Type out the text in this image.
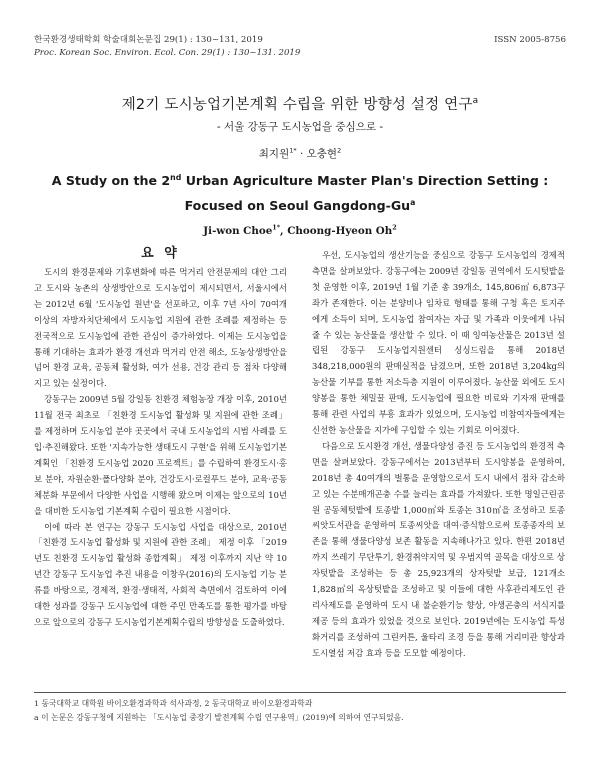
한국환경생태학회 학술대회논문집 29(1) : 130~131, 2019	ISSN 2005-8756
Proc. Korean Soc. Environ. Ecol. Con. 29(1) : 130~131. 2019
제2기 도시농업기본계획 수립을 위한 방향성 설정 연구$^a$
- 서울 강동구 도시농업을 중심으로 -
최지원$^{1*}$ · 오충현$^2$
A Study on the 2nd Urban Agriculture Master Plan's Direction Setting : Focused on Seoul Gangdong-Gu$^a$
Ji-won Choe$^{1*}$, Choong-Hyeon Oh$^2$
요 약

도시의 환경문제와 기후변화에 따른 먹거리 안전문제의 대안 그리고 도시와 농촌의 상생방안으로 도시농업이 제시되면서, 서울시에서는 2012년 6월 '도시농업 원년'을 선포하고, 이후 7년 사이 70여개 이상의 자방자치단체에서 도시농업 지원에 관한 조례를 제정하는 등 전국적으로 도시농업에 관한 관심이 증가하였다. 이제는 도시농업을 통해 기대하는 효과가 환경 개선과 먹거리 안전 해소, 도농상생방안을 넘어 환경 교육, 공동체 활성화, 여가 선용, 건강 관리 등 점차 다양해지고 있는 실정이다.

강동구는 2009년 5월 강일동 친환경 체험농장 개장 이후, 2010년 11월 전국 최초로 「친환경 도시농업 활성화 및 지원에 관한 조례」를 제정하며 도시농업 분야 곳곳에서 국내 도시농업의 시범 사례를 도입·추진해왔다. 또한 '지속가능한 생태도시 구현'을 위해 도시농업기본계획인 「친환경 도시농업 2020 프로젝트」를 수립하여 환경도시·홍보 분야, 자원순환·폴다양화 분야, 건강도시·로컬푸드 분야, 교육·공동체분화 부문에서 다양한 사업을 시행해 왔으며 이제는 앞으로의 10년을 대비한 도시농업 기본계획 수립이 필요한 시점이다.

이에 따라 본 연구는 강동구 도시농업 사업을 대상으로, 2010년 「친환경 도시농업 활성화 및 지원에 관한 조례」 제정 이후 「2019년도 친환경 도시농업 활성화 종합계획」 제정 이후까지 지난 약 10년간 강동구 도시농업 추진 내용을 이창우(2016)의 도시농업 기능 분류를 바탕으로, 경제적, 환경·생태적, 사회적 측면에서 검토하여 이에 대한 성과를 강동구 도시농업에 대한 주민 만족도를 통한 평가를 바탕으로 앞으로의 강동구 도시농업기본계획수립의 방향성을 도출하였다.

우선, 도시농업의 생산기능을 중심으로 강동구 도시농업의 경제적 측면을 살펴보았다. 강동구에는 2009년 강일동 권역에서 도시텃밭을 첫 운영한 이후, 2019년 1월 기준 총 39개소, 145,806㎡ 6,873구좌가 존재한다. 이는 분양비나 임차료 형태를 통해 구청 혹은 토지주에게 소득이 되며, 도시농업 참여자는 자급 및 가족과 이웃에게 나눠줄 수 있는 농산물을 생산할 수 있다. 이 때 잉여농산물은 2013년 설립된 강동구 도시농업지원센터 싱싱드림을 통해 2018년 348,218,000원의 판매실적을 남겼으며, 또한 2018년 3,204kg의 농산물 기부를 통한 저소득층 지원이 이루어졌다. 농산물 외에도 도시양봉을 통한 채밀꿀 판매, 도시농업에 필요한 비료와 기자재 판매를 통해 관련 사업의 부흥 효과가 있었으며, 도시농업 비참여자들에게는 신선한 농산물을 지가에 구입할 수 있는 기회로 이어졌다.

다음으로 도시환경 개선, 생물다양성 증진 등 도시농업의 환경적 측면을 살펴보았다. 강동구에서는 2013년부터 도시양봉을 운영하여, 2018년 총 40여개의 벌통을 운영함으로서 도시 내에서 점차 감소하고 있는 수분매개곤충 수를 늘리는 효과를 가져왔다. 또한 명일근린공원 공동체텃밭에 토종밭 1,000㎡와 토종논 310㎡을 조성하고 토종씨앗도서관을 운영하여 토종씨앗을 대여·증식함으로써 토종종자의 보존을 통해 생물다양성 보존 활동을 지속해나가고 있다. 한편 2018년까지 쓰레기 무단투기, 환경취약지역 및 우범지역 골목을 대상으로 상자텃밭을 조성하는 등 총 25,923개의 상자텃밭 보급, 121개소 1,828㎡의 옥상텃밭을 조성하고 및 이들에 대한 사후관리제도인 관리사제도를 운영하여 도시 내 불순환기능 향상, 야생곤충의 서식지를 제공 등의 효과가 있었을 것으로 보인다. 2019년에는 도시농업 특성화거리를 조성하여 그린커튼, 울타리 조경 등을 통해 거리미관 향상과 도시열섬 저감 효과 등을 도모할 예정이다.

1 동국대학교 대학원 바이오환경과학과 석사과정, 2 동국대학교 바이오환경과학과
a 이 논문은 강동구청에 지원하는 「도시농업 중장기 발전계획 수립 연구용역」(2019)에 의하여 연구되었음.
